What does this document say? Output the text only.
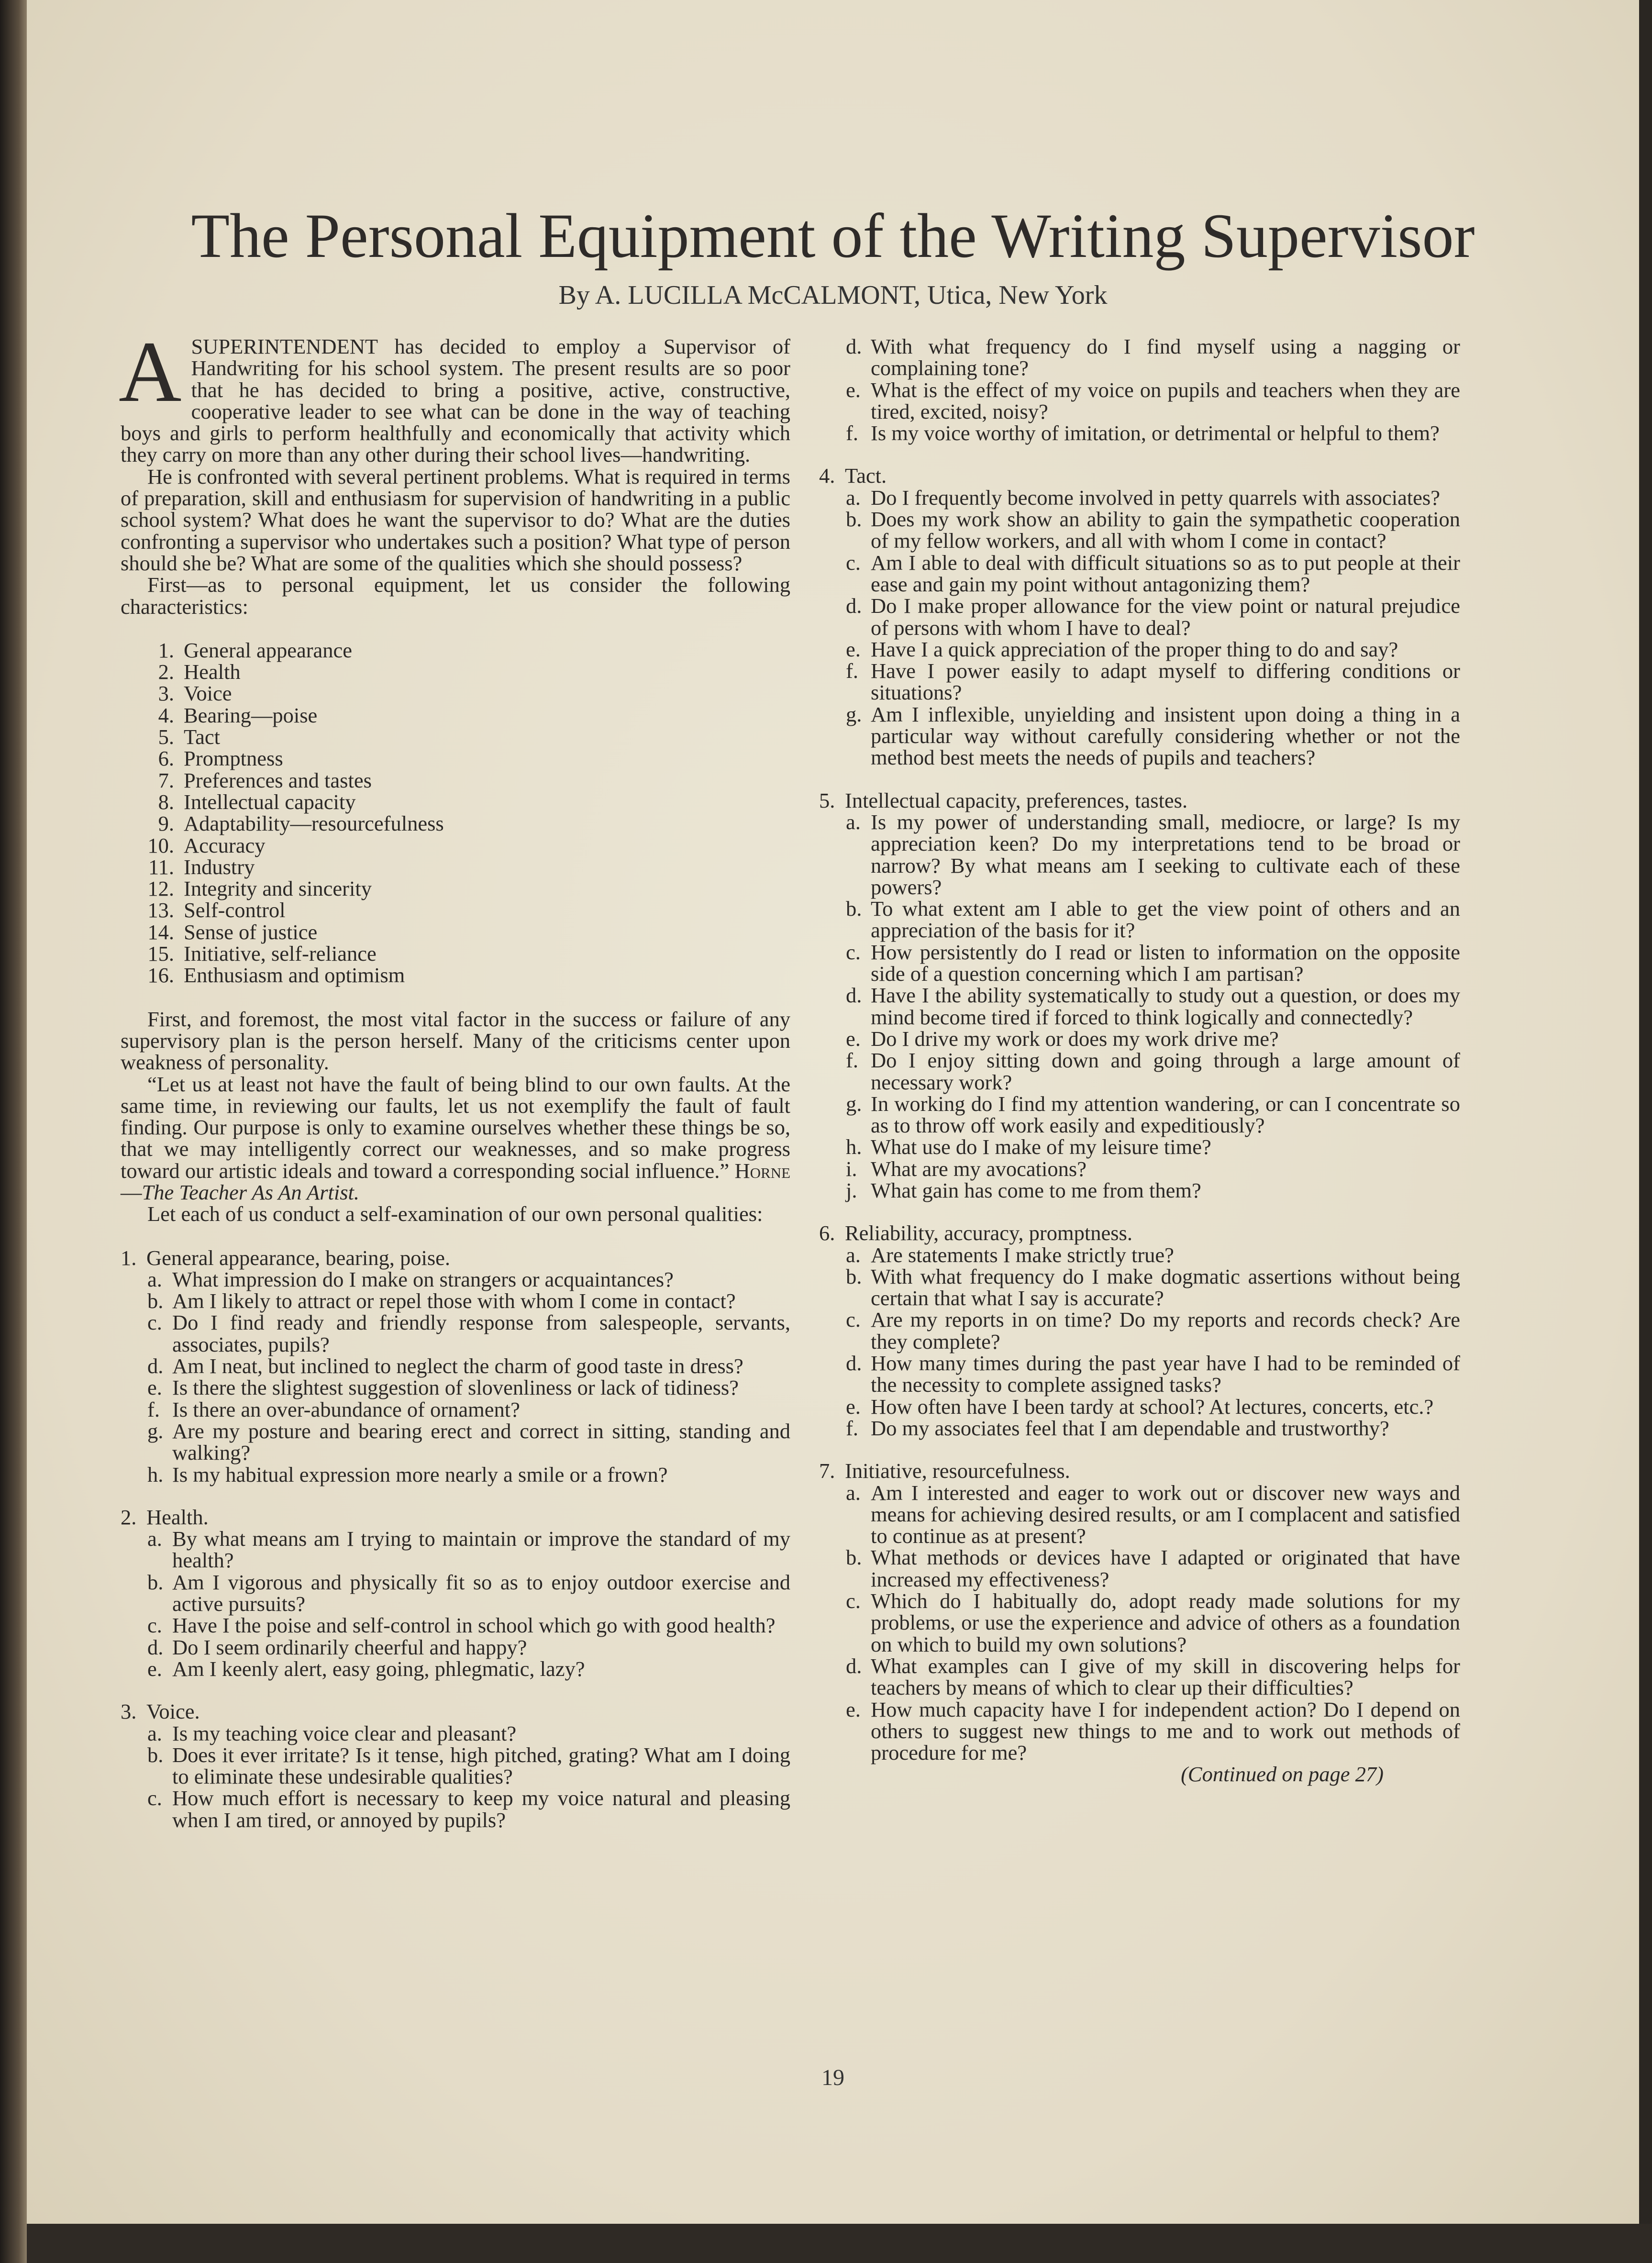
The Personal Equipment of the Writing Supervisor
By A. LUCILLA McCALMONT, Utica, New York

A SUPERINTENDENT has decided to employ a Supervisor of Handwriting for his school system. The present results are so poor that he has decided to bring a positive, active, constructive, cooperative leader to see what can be done in the way of teaching boys and girls to perform healthfully and economically that activity which they carry on more than any other during their school lives—handwriting.

He is confronted with several pertinent problems. What is required in terms of preparation, skill and enthusiasm for supervision of handwriting in a public school system? What does he want the supervisor to do? What are the duties confronting a supervisor who undertakes such a position? What type of person should she be? What are some of the qualities which she should possess?

First—as to personal equipment, let us consider the following characteristics:

1. General appearance
2. Health
3. Voice
4. Bearing—poise
5. Tact
6. Promptness
7. Preferences and tastes
8. Intellectual capacity
9. Adaptability—resourcefulness
10. Accuracy
11. Industry
12. Integrity and sincerity
13. Self-control
14. Sense of justice
15. Initiative, self-reliance
16. Enthusiasm and optimism

First, and foremost, the most vital factor in the success or failure of any supervisory plan is the person herself. Many of the criticisms center upon weakness of personality.

“Let us at least not have the fault of being blind to our own faults. At the same time, in reviewing our faults, let us not exemplify the fault of fault finding. Our purpose is only to examine ourselves whether these things be so, that we may intelligently correct our weaknesses, and so make progress toward our artistic ideals and toward a corresponding social influence.” Horne—The Teacher As An Artist.

Let each of us conduct a self-examination of our own personal qualities:

1. General appearance, bearing, poise.
a. What impression do I make on strangers or acquaintances?
b. Am I likely to attract or repel those with whom I come in contact?
c. Do I find ready and friendly response from salespeople, servants, associates, pupils?
d. Am I neat, but inclined to neglect the charm of good taste in dress?
e. Is there the slightest suggestion of slovenliness or lack of tidiness?
f. Is there an over-abundance of ornament?
g. Are my posture and bearing erect and correct in sitting, standing and walking?
h. Is my habitual expression more nearly a smile or a frown?
2. Health.
a. By what means am I trying to maintain or improve the standard of my health?
b. Am I vigorous and physically fit so as to enjoy outdoor exercise and active pursuits?
c. Have I the poise and self-control in school which go with good health?
d. Do I seem ordinarily cheerful and happy?
e. Am I keenly alert, easy going, phlegmatic, lazy?
3. Voice.
a. Is my teaching voice clear and pleasant?
b. Does it ever irritate? Is it tense, high pitched, grating? What am I doing to eliminate these undesirable qualities?
c. How much effort is necessary to keep my voice natural and pleasing when I am tired, or annoyed by pupils?
d. With what frequency do I find myself using a nagging or complaining tone?
e. What is the effect of my voice on pupils and teachers when they are tired, excited, noisy?
f. Is my voice worthy of imitation, or detrimental or helpful to them?
4. Tact.
a. Do I frequently become involved in petty quarrels with associates?
b. Does my work show an ability to gain the sympathetic cooperation of my fellow workers, and all with whom I come in contact?
c. Am I able to deal with difficult situations so as to put people at their ease and gain my point without antagonizing them?
d. Do I make proper allowance for the view point or natural prejudice of persons with whom I have to deal?
e. Have I a quick appreciation of the proper thing to do and say?
f. Have I power easily to adapt myself to differing conditions or situations?
g. Am I inflexible, unyielding and insistent upon doing a thing in a particular way without carefully considering whether or not the method best meets the needs of pupils and teachers?
5. Intellectual capacity, preferences, tastes.
a. Is my power of understanding small, mediocre, or large? Is my appreciation keen? Do my interpretations tend to be broad or narrow? By what means am I seeking to cultivate each of these powers?
b. To what extent am I able to get the view point of others and an appreciation of the basis for it?
c. How persistently do I read or listen to information on the opposite side of a question concerning which I am partisan?
d. Have I the ability systematically to study out a question, or does my mind become tired if forced to think logically and connectedly?
e. Do I drive my work or does my work drive me?
f. Do I enjoy sitting down and going through a large amount of necessary work?
g. In working do I find my attention wandering, or can I concentrate so as to throw off work easily and expeditiously?
h. What use do I make of my leisure time?
i. What are my avocations?
j. What gain has come to me from them?
6. Reliability, accuracy, promptness.
a. Are statements I make strictly true?
b. With what frequency do I make dogmatic assertions without being certain that what I say is accurate?
c. Are my reports in on time? Do my reports and records check? Are they complete?
d. How many times during the past year have I had to be reminded of the necessity to complete assigned tasks?
e. How often have I been tardy at school? At lectures, concerts, etc.?
f. Do my associates feel that I am dependable and trustworthy?
7. Initiative, resourcefulness.
a. Am I interested and eager to work out or discover new ways and means for achieving desired results, or am I complacent and satisfied to continue as at present?
b. What methods or devices have I adapted or originated that have increased my effectiveness?
c. Which do I habitually do, adopt ready made solutions for my problems, or use the experience and advice of others as a foundation on which to build my own solutions?
d. What examples can I give of my skill in discovering helps for teachers by means of which to clear up their difficulties?
e. How much capacity have I for independent action? Do I depend on others to suggest new things to me and to work out methods of procedure for me?
(Continued on page 27)
19
